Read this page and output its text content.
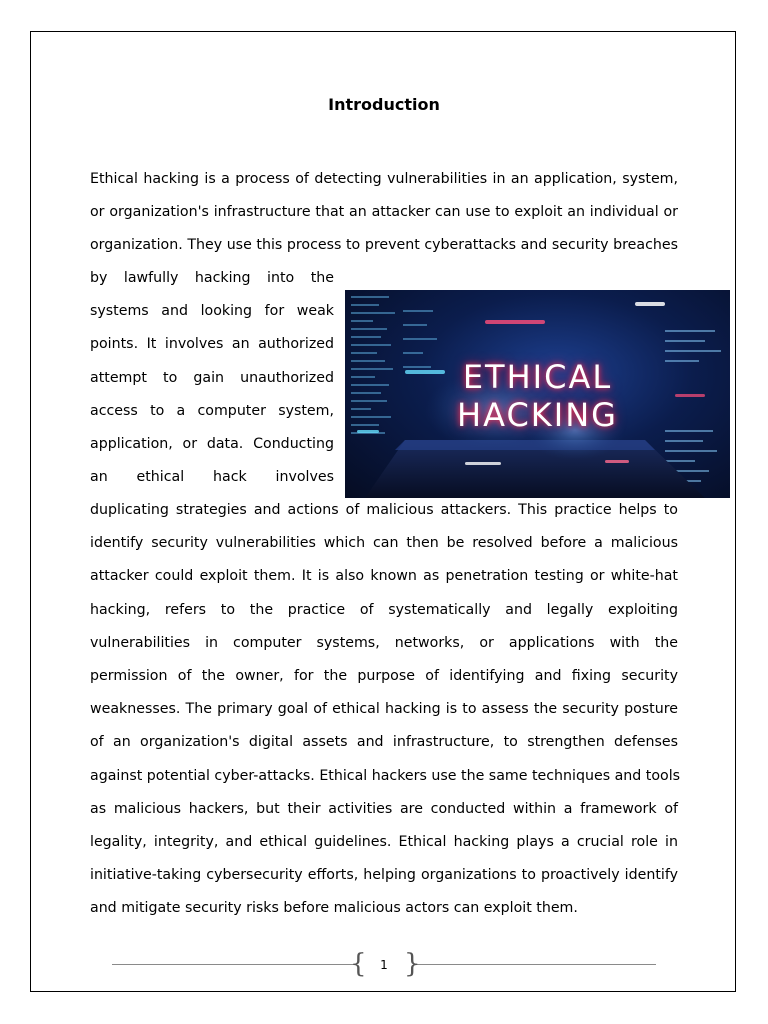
Introduction
Ethical hacking is a process of detecting vulnerabilities in an application, system,
or organization's infrastructure that an attacker can use to exploit an individual or
organization. They use this process to prevent cyberattacks and security breaches
by lawfully hacking into the
systems and looking for weak
points. It involves an authorized
attempt to gain unauthorized
access to a computer system,
application, or data. Conducting
an ethical hack involves
ETHICAL
HACKING
duplicating strategies and actions of malicious attackers. This practice helps to
identify security vulnerabilities which can then be resolved before a malicious
attacker could exploit them. It is also known as penetration testing or white-hat
hacking, refers to the practice of systematically and legally exploiting
vulnerabilities in computer systems, networks, or applications with the
permission of the owner, for the purpose of identifying and fixing security
weaknesses. The primary goal of ethical hacking is to assess the security posture
of an organization's digital assets and infrastructure, to strengthen defenses
against potential cyber-attacks. Ethical hackers use the same techniques and tools
as malicious hackers, but their activities are conducted within a framework of
legality, integrity, and ethical guidelines. Ethical hacking plays a crucial role in
initiative-taking cybersecurity efforts, helping organizations to proactively identify
and mitigate security risks before malicious actors can exploit them.
{ }
1
